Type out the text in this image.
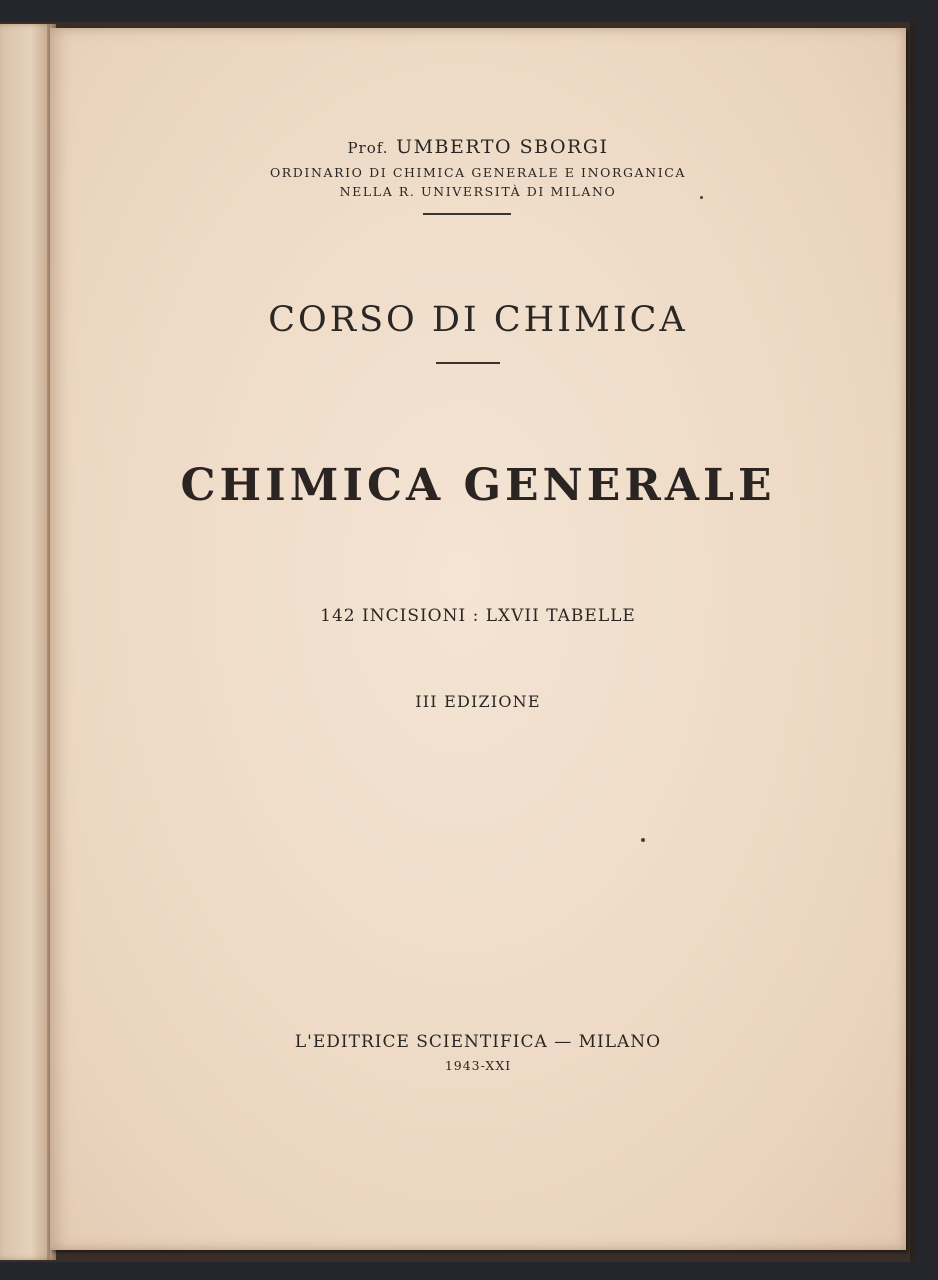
Prof. UMBERTO SBORGI
ORDINARIO DI CHIMICA GENERALE E INORGANICA
NELLA R. UNIVERSITÀ DI MILANO
CORSO DI CHIMICA
CHIMICA GENERALE
142 INCISIONI : LXVII TABELLE
III EDIZIONE
L'EDITRICE SCIENTIFICA — MILANO
1943-XXI
